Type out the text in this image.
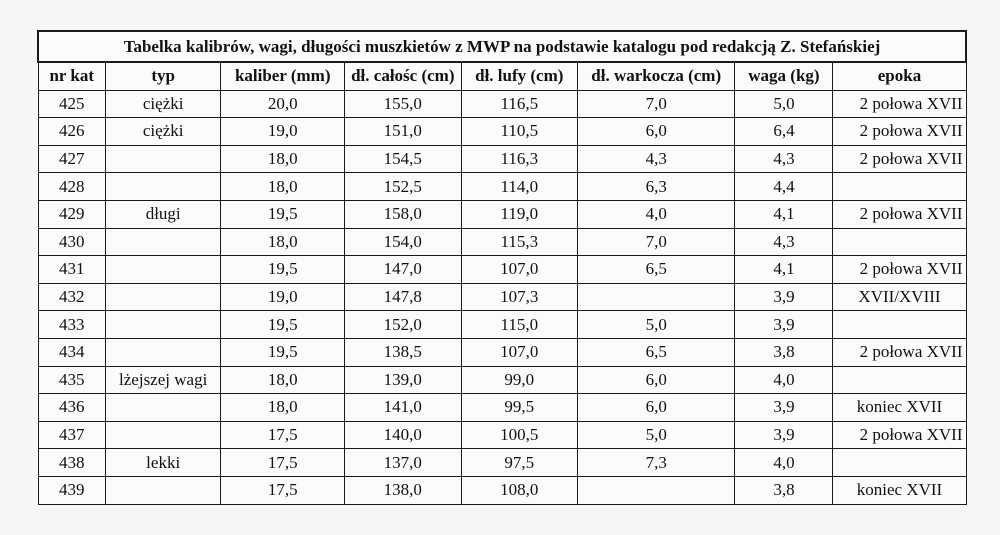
Tabelka kalibrów, wagi, długości muszkietów z MWP na podstawie katalogu pod redakcją Z. Stefańskiej							
nr kat	typ	kaliber (mm)	dł. całośc (cm)	dł. lufy (cm)	dł. warkocza (cm)	waga (kg)	epoka
425	ciężki	20,0	155,0	116,5	7,0	5,0	2 połowa XVII
426	ciężki	19,0	151,0	110,5	6,0	6,4	2 połowa XVII
427		18,0	154,5	116,3	4,3	4,3	2 połowa XVII
428		18,0	152,5	114,0	6,3	4,4	
429	długi	19,5	158,0	119,0	4,0	4,1	2 połowa XVII
430		18,0	154,0	115,3	7,0	4,3	
431		19,5	147,0	107,0	6,5	4,1	2 połowa XVII
432		19,0	147,8	107,3		3,9	XVII/XVIII
433		19,5	152,0	115,0	5,0	3,9	
434		19,5	138,5	107,0	6,5	3,8	2 połowa XVII
435	lżejszej wagi	18,0	139,0	99,0	6,0	4,0	
436		18,0	141,0	99,5	6,0	3,9	koniec XVII
437		17,5	140,0	100,5	5,0	3,9	2 połowa XVII
438	lekki	17,5	137,0	97,5	7,3	4,0	
439		17,5	138,0	108,0		3,8	koniec XVII
